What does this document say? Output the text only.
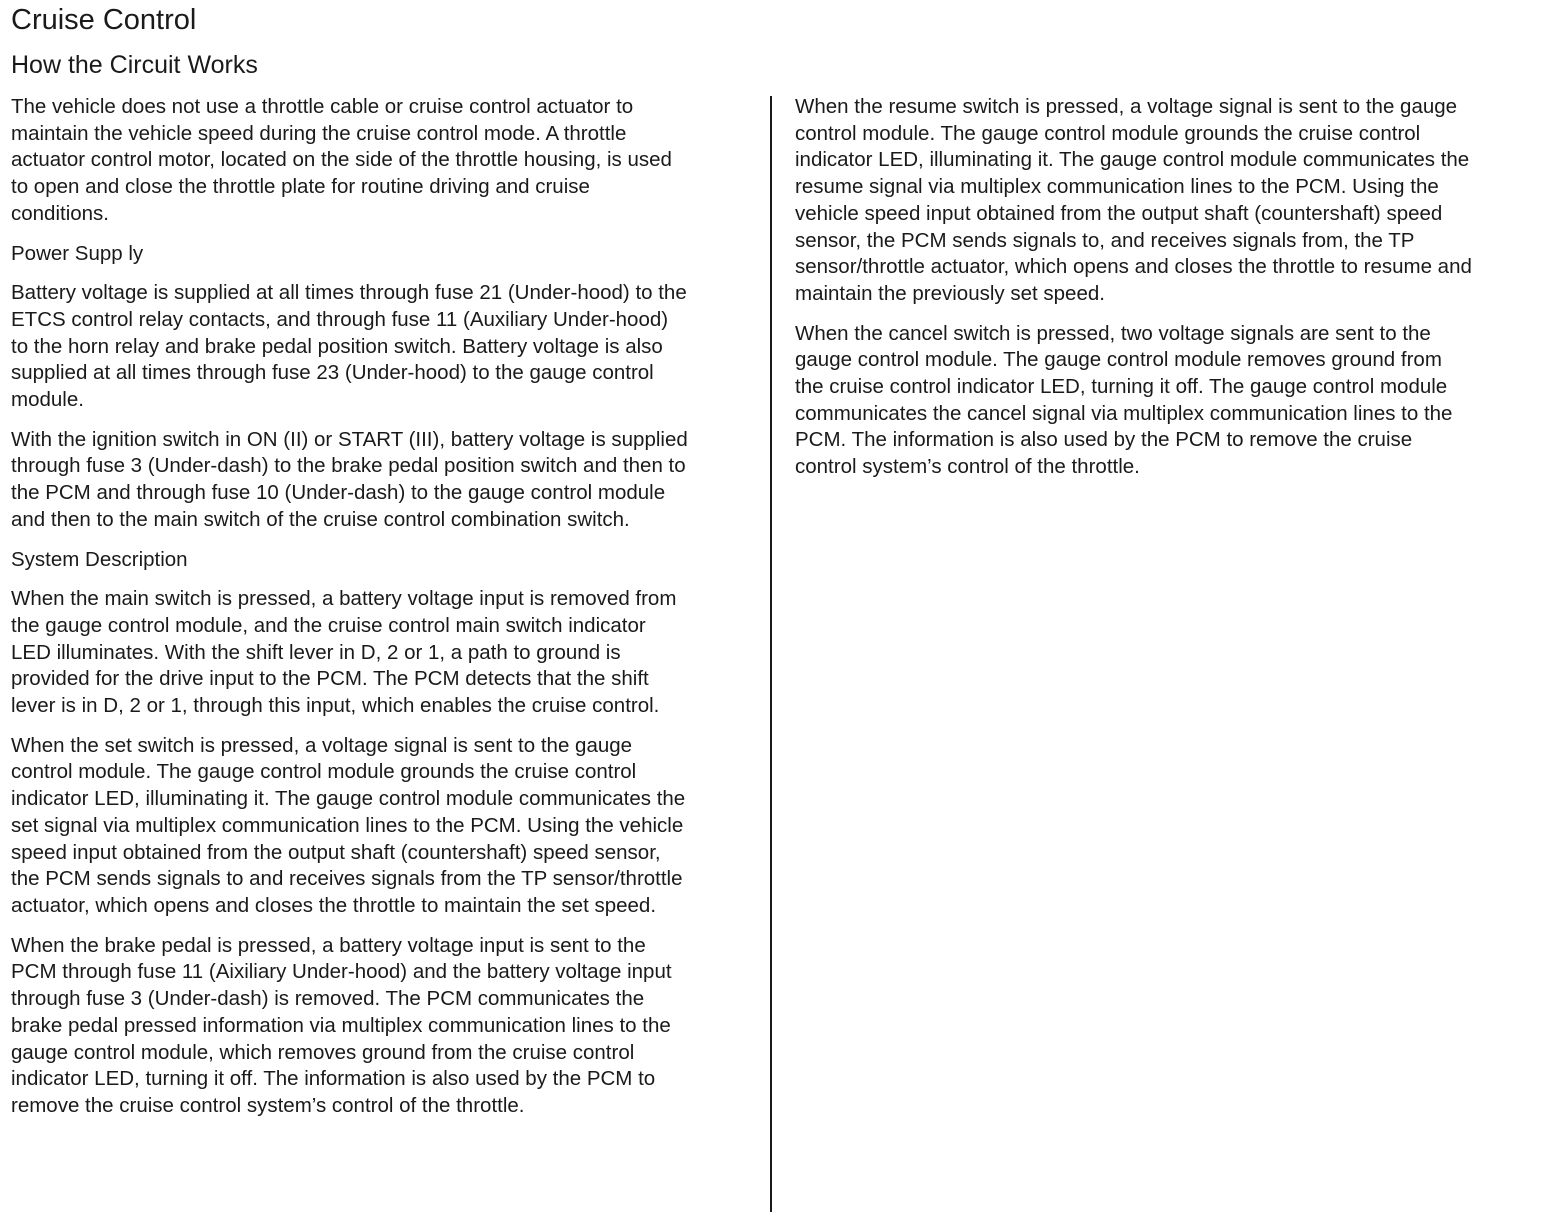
Cruise Control
How the Circuit Works
The vehicle does not use a throttle cable or cruise control actuator to
maintain the vehicle speed during the cruise control mode. A throttle
actuator control motor, located on the side of the throttle housing, is used
to open and close the throttle plate for routine driving and cruise
conditions.
Power Supp ly
Battery voltage is supplied at all times through fuse 21 (Under-hood) to the
ETCS control relay contacts, and through fuse 11 (Auxiliary Under-hood)
to the horn relay and brake pedal position switch. Battery voltage is also
supplied at all times through fuse 23 (Under-hood) to the gauge control
module.
With the ignition switch in ON (II) or START (III), battery voltage is supplied
through fuse 3 (Under-dash) to the brake pedal position switch and then to
the PCM and through fuse 10 (Under-dash) to the gauge control module
and then to the main switch of the cruise control combination switch.
System Description
When the main switch is pressed, a battery voltage input is removed from
the gauge control module, and the cruise control main switch indicator
LED illuminates. With the shift lever in D, 2 or 1, a path to ground is
provided for the drive input to the PCM. The PCM detects that the shift
lever is in D, 2 or 1, through this input, which enables the cruise control.
When the set switch is pressed, a voltage signal is sent to the gauge
control module. The gauge control module grounds the cruise control
indicator LED, illuminating it. The gauge control module communicates the
set signal via multiplex communication lines to the PCM. Using the vehicle
speed input obtained from the output shaft (countershaft) speed sensor,
the PCM sends signals to and receives signals from the TP sensor/throttle
actuator, which opens and closes the throttle to maintain the set speed.
When the brake pedal is pressed, a battery voltage input is sent to the
PCM through fuse 11 (Aixiliary Under-hood) and the battery voltage input
through fuse 3 (Under-dash) is removed. The PCM communicates the
brake pedal pressed information via multiplex communication lines to the
gauge control module, which removes ground from the cruise control
indicator LED, turning it off. The information is also used by the PCM to
remove the cruise control system’s control of the throttle.
When the resume switch is pressed, a voltage signal is sent to the gauge
control module. The gauge control module grounds the cruise control
indicator LED, illuminating it. The gauge control module communicates the
resume signal via multiplex communication lines to the PCM. Using the
vehicle speed input obtained from the output shaft (countershaft) speed
sensor, the PCM sends signals to, and receives signals from, the TP
sensor/throttle actuator, which opens and closes the throttle to resume and
maintain the previously set speed.
When the cancel switch is pressed, two voltage signals are sent to the
gauge control module. The gauge control module removes ground from
the cruise control indicator LED, turning it off. The gauge control module
communicates the cancel signal via multiplex communication lines to the
PCM. The information is also used by the PCM to remove the cruise
control system’s control of the throttle.
